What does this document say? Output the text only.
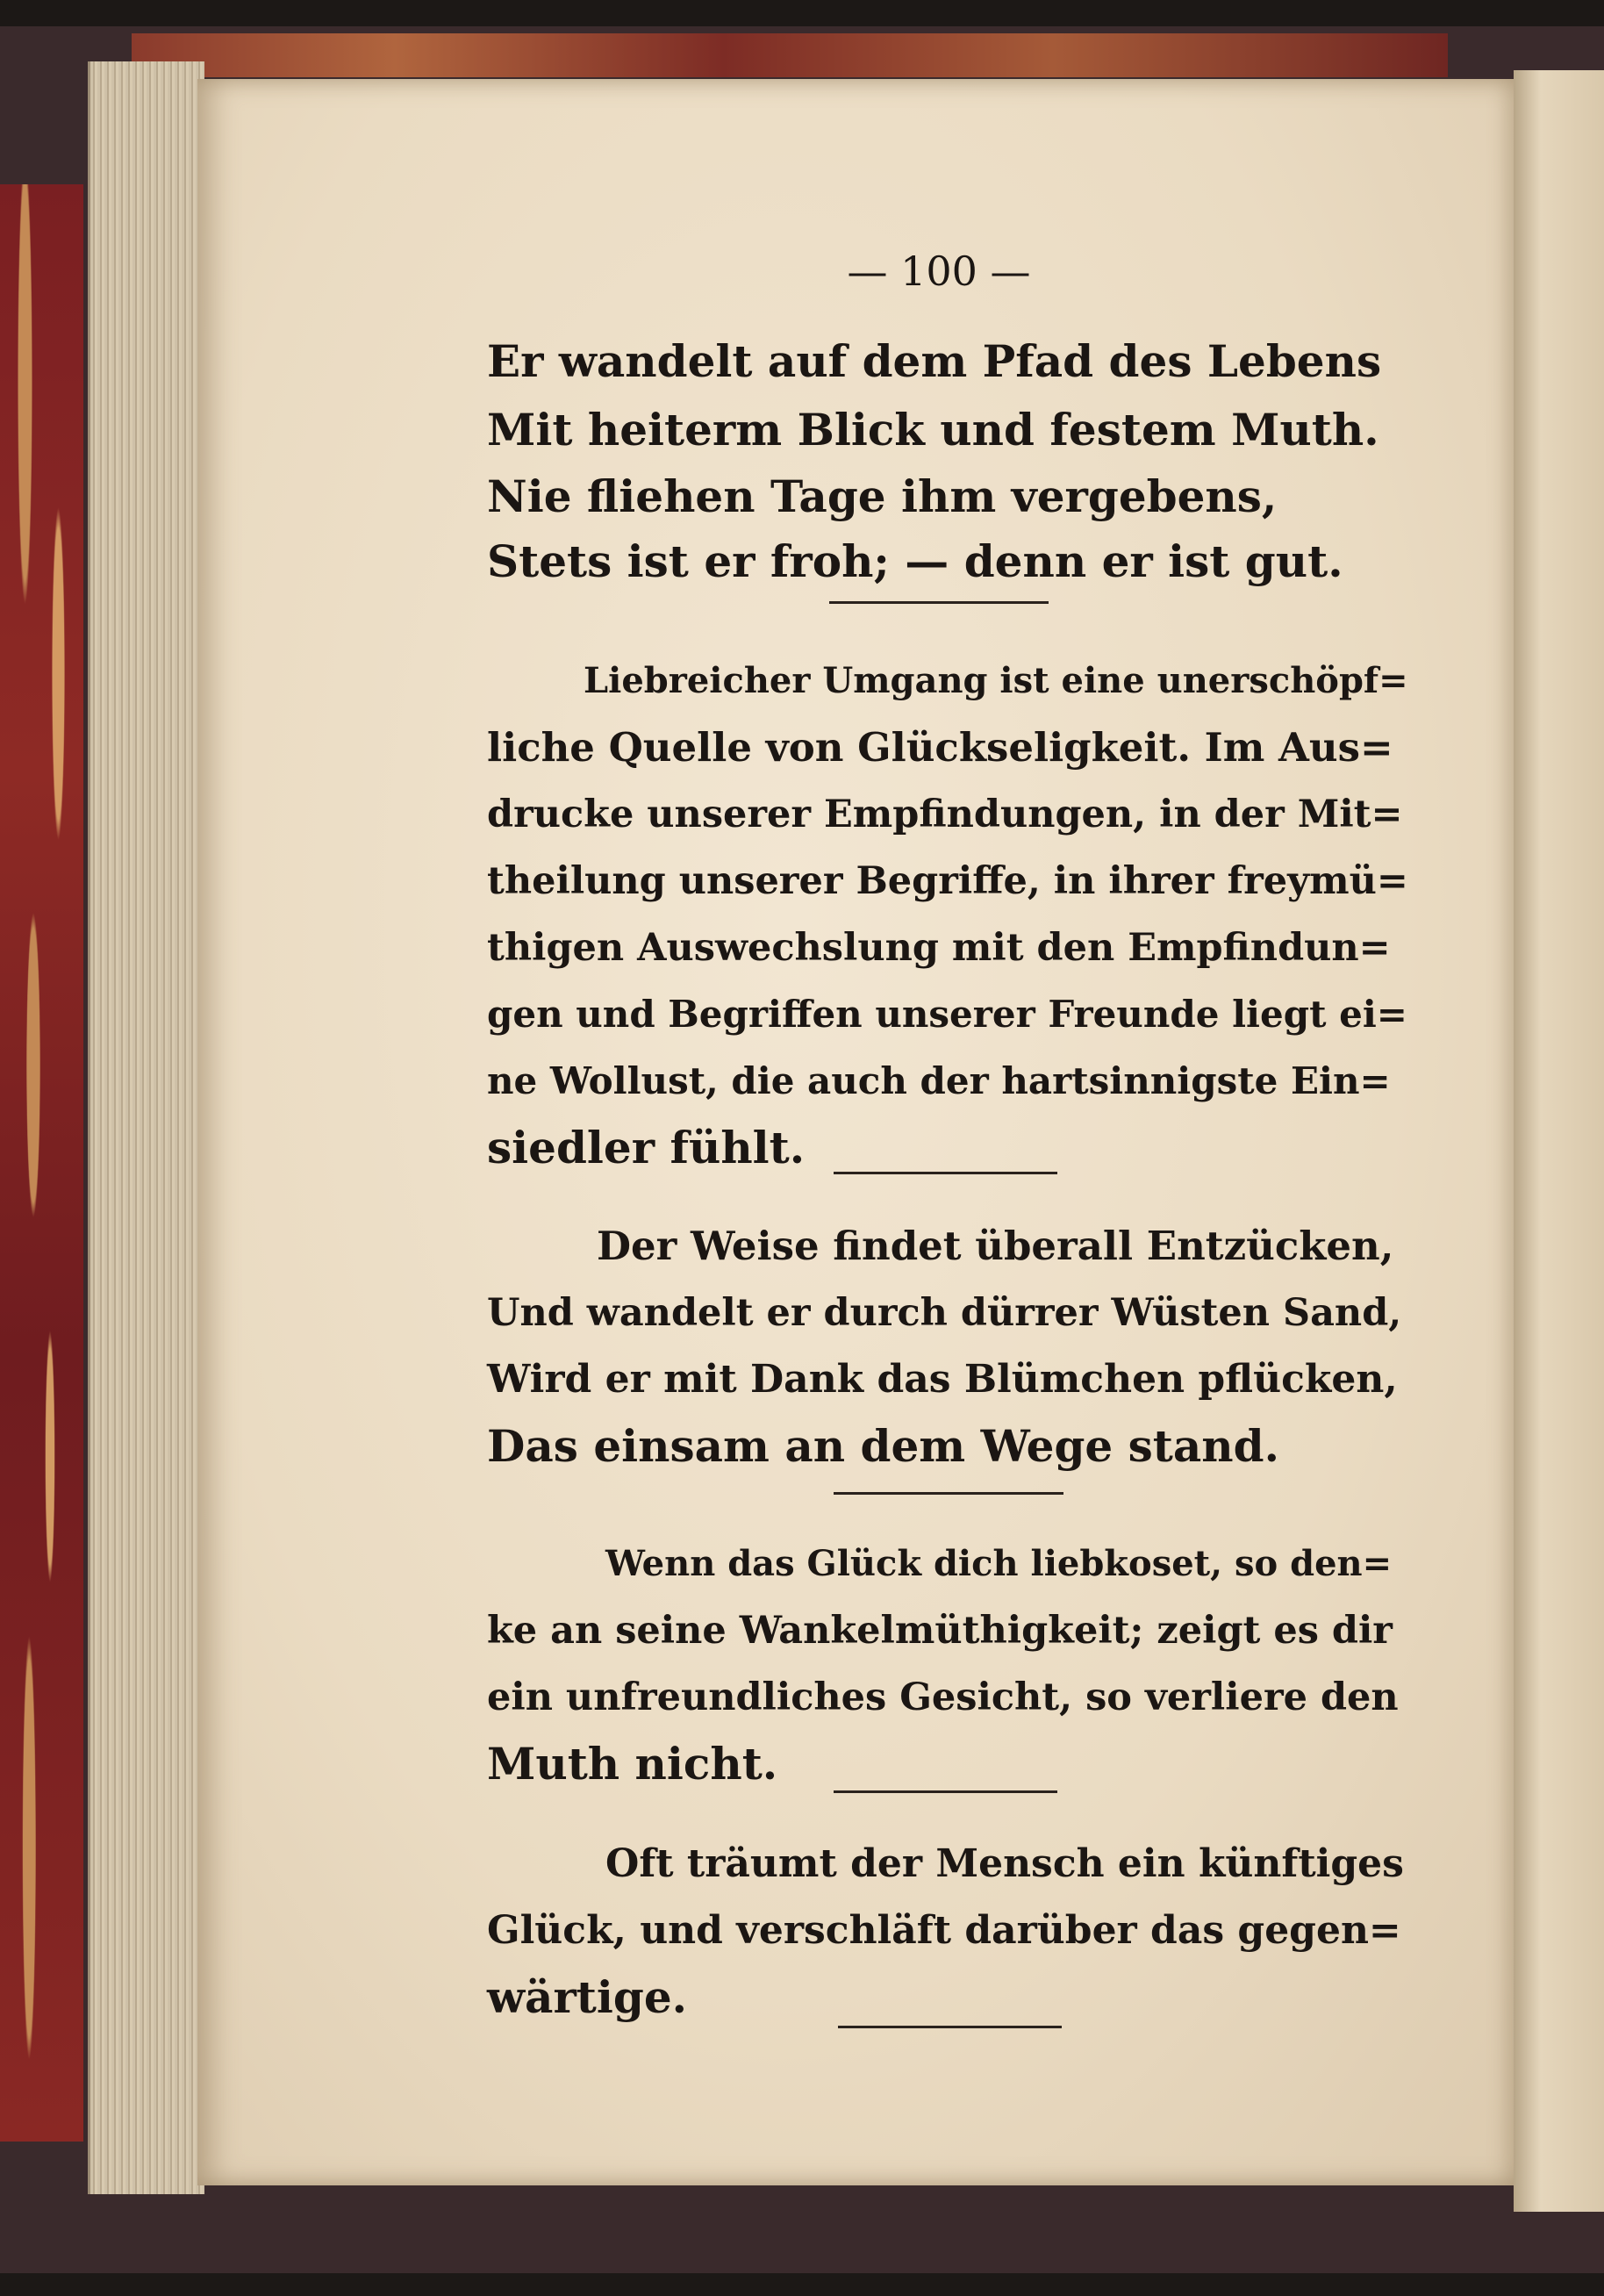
— 100 —
Er wandelt auf dem Pfad des Lebens
Mit heiterm Blick und festem Muth.
Nie fliehen Tage ihm vergebens,
Stets ist er froh; — denn er ist gut.
Liebreicher Umgang ist eine unerschöpf=
liche Quelle von Glückseligkeit. Im Aus=
drucke unserer Empfindungen, in der Mit=
theilung unserer Begriffe, in ihrer freymü=
thigen Auswechslung mit den Empfindun=
gen und Begriffen unserer Freunde liegt ei=
ne Wollust, die auch der hartsinnigste Ein=
siedler fühlt.
Der Weise findet überall Entzücken,
Und wandelt er durch dürrer Wüsten Sand,
Wird er mit Dank das Blümchen pflücken,
Das einsam an dem Wege stand.
Wenn das Glück dich liebkoset, so den=
ke an seine Wankelmüthigkeit; zeigt es dir
ein unfreundliches Gesicht, so verliere den
Muth nicht.
Oft träumt der Mensch ein künftiges
Glück, und verschläft darüber das gegen=
wärtige.
